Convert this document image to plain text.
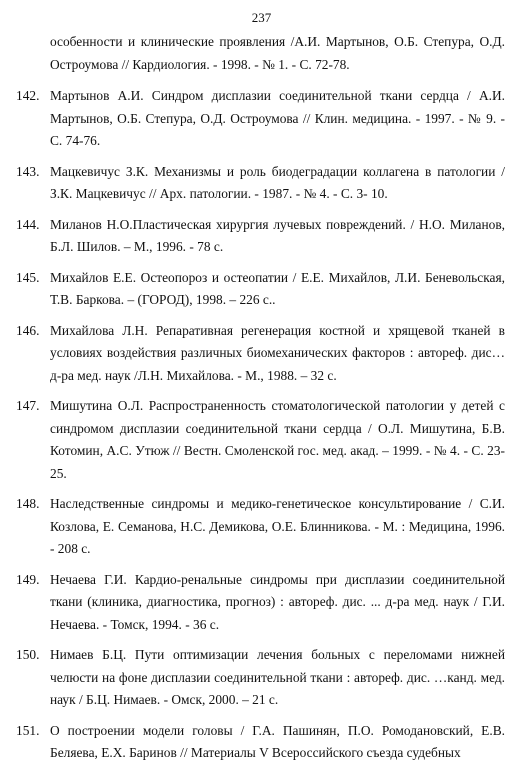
237
особенности и клинические проявления /А.И. Мартынов, О.Б. Степура, О.Д. Остроумова // Кардиология. - 1998. - № 1. - С. 72-78.
142. Мартынов А.И. Синдром дисплазии соединительной ткани сердца / А.И. Мартынов, О.Б. Степура, О.Д. Остроумова // Клин. медицина. - 1997. - № 9. - С. 74-76.
143. Мацкевичус З.К. Механизмы и роль биодеградации коллагена в патологии / З.К. Мацкевичус // Арх. патологии. - 1987. - № 4. - С. 3- 10.
144. Миланов Н.О.Пластическая хирургия лучевых повреждений. / Н.О. Миланов, Б.Л. Шилов. – М., 1996. - 78 с.
145. Михайлов Е.Е. Остеопороз и остеопатии / Е.Е. Михайлов, Л.И. Беневольская, Т.В. Баркова. – (ГОРОД), 1998. – 226 с..
146. Михайлова Л.Н. Репаративная регенерация костной и хрящевой тканей в условиях воздействия различных биомеханических факторов : автореф. дис… д-ра мед. наук /Л.Н. Михайлова. - М., 1988. – 32 с.
147. Мишутина О.Л. Распространенность стоматологической патологии у детей с синдромом дисплазии соединительной ткани сердца / О.Л. Мишутина, Б.В. Котомин, А.С. Утюж // Вестн. Смоленской гос. мед. акад. – 1999. - № 4. - С. 23-25.
148. Наследственные синдромы и медико-генетическое консультирование / С.И. Козлова, Е. Семанова, Н.С. Демикова, О.Е. Блинникова. - М. : Медицина, 1996. - 208 с.
149. Нечаева Г.И. Кардио-ренальные синдромы при дисплазии соединительной ткани (клиника, диагностика, прогноз) : автореф. дис. ... д-ра мед. наук / Г.И. Нечаева. - Томск, 1994. - 36 с.
150. Нимаев Б.Ц. Пути оптимизации лечения больных с переломами нижней челюсти на фоне дисплазии соединительной ткани : автореф. дис. …канд. мед. наук / Б.Ц. Нимаев. - Омск, 2000. – 21 с.
151. О построении модели головы / Г.А. Пашинян, П.О. Ромодановский, Е.В. Беляева, Е.Х. Баринов // Материалы V Всероссийского съезда судебных
